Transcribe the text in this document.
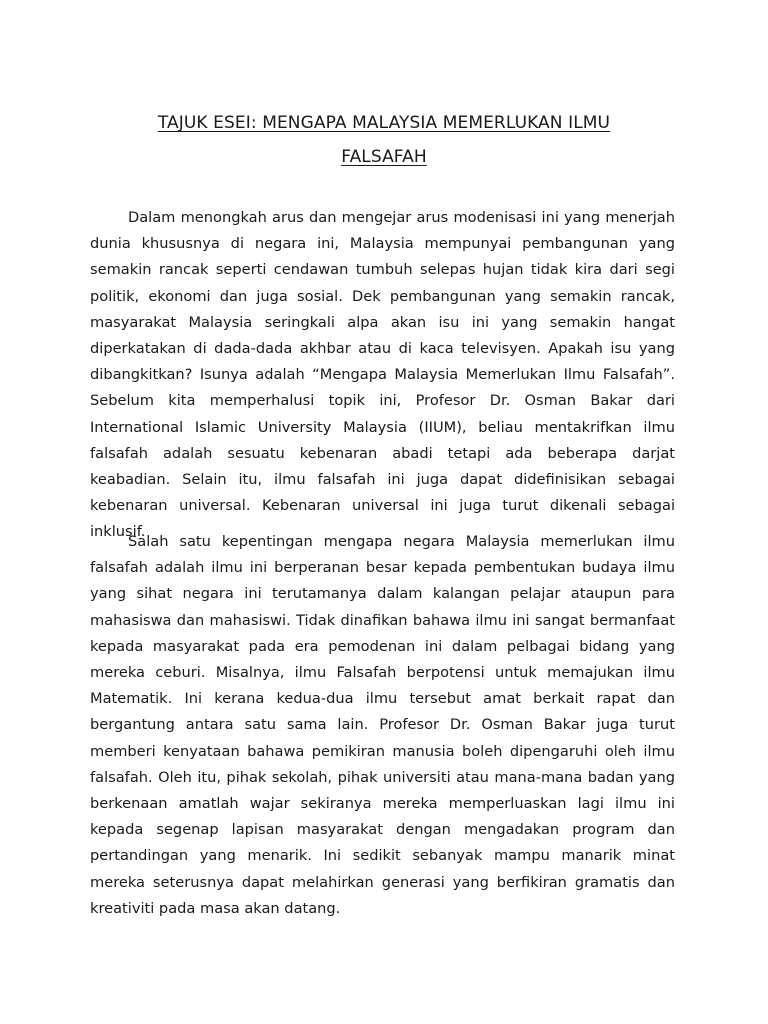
TAJUK ESEI: MENGAPA MALAYSIA MEMERLUKAN ILMU
FALSAFAH

Dalam menongkah arus dan mengejar arus modenisasi ini yang menerjah dunia khususnya di negara ini, Malaysia mempunyai pembangunan yang semakin rancak seperti cendawan tumbuh selepas hujan tidak kira dari segi politik, ekonomi dan juga sosial. Dek pembangunan yang semakin rancak, masyarakat Malaysia seringkali alpa akan isu ini yang semakin hangat diperkatakan di dada-dada akhbar atau di kaca televisyen. Apakah isu yang dibangkitkan? Isunya adalah “Mengapa Malaysia Memerlukan Ilmu Falsafah”. Sebelum kita memperhalusi topik ini, Profesor Dr. Osman Bakar dari International Islamic University Malaysia (IIUM), beliau mentakrifkan ilmu falsafah adalah sesuatu kebenaran abadi tetapi ada beberapa darjat keabadian. Selain itu, ilmu falsafah ini juga dapat didefinisikan sebagai kebenaran universal. Kebenaran universal ini juga turut dikenali sebagai inklusif.

Salah satu kepentingan mengapa negara Malaysia memerlukan ilmu falsafah adalah ilmu ini berperanan besar kepada pembentukan budaya ilmu yang sihat negara ini terutamanya dalam kalangan pelajar ataupun para mahasiswa dan mahasiswi. Tidak dinafikan bahawa ilmu ini sangat bermanfaat kepada masyarakat pada era pemodenan ini dalam pelbagai bidang yang mereka ceburi. Misalnya, ilmu Falsafah berpotensi untuk memajukan ilmu Matematik. Ini kerana kedua-dua ilmu tersebut amat berkait rapat dan bergantung antara satu sama lain. Profesor Dr. Osman Bakar juga turut memberi kenyataan bahawa pemikiran manusia boleh dipengaruhi oleh ilmu falsafah. Oleh itu, pihak sekolah, pihak universiti atau mana-mana badan yang berkenaan amatlah wajar sekiranya mereka memperluaskan lagi ilmu ini kepada segenap lapisan masyarakat dengan mengadakan program dan pertandingan yang menarik. Ini sedikit sebanyak mampu manarik minat mereka seterusnya dapat melahirkan generasi yang berfikiran gramatis dan kreativiti pada masa akan datang.
